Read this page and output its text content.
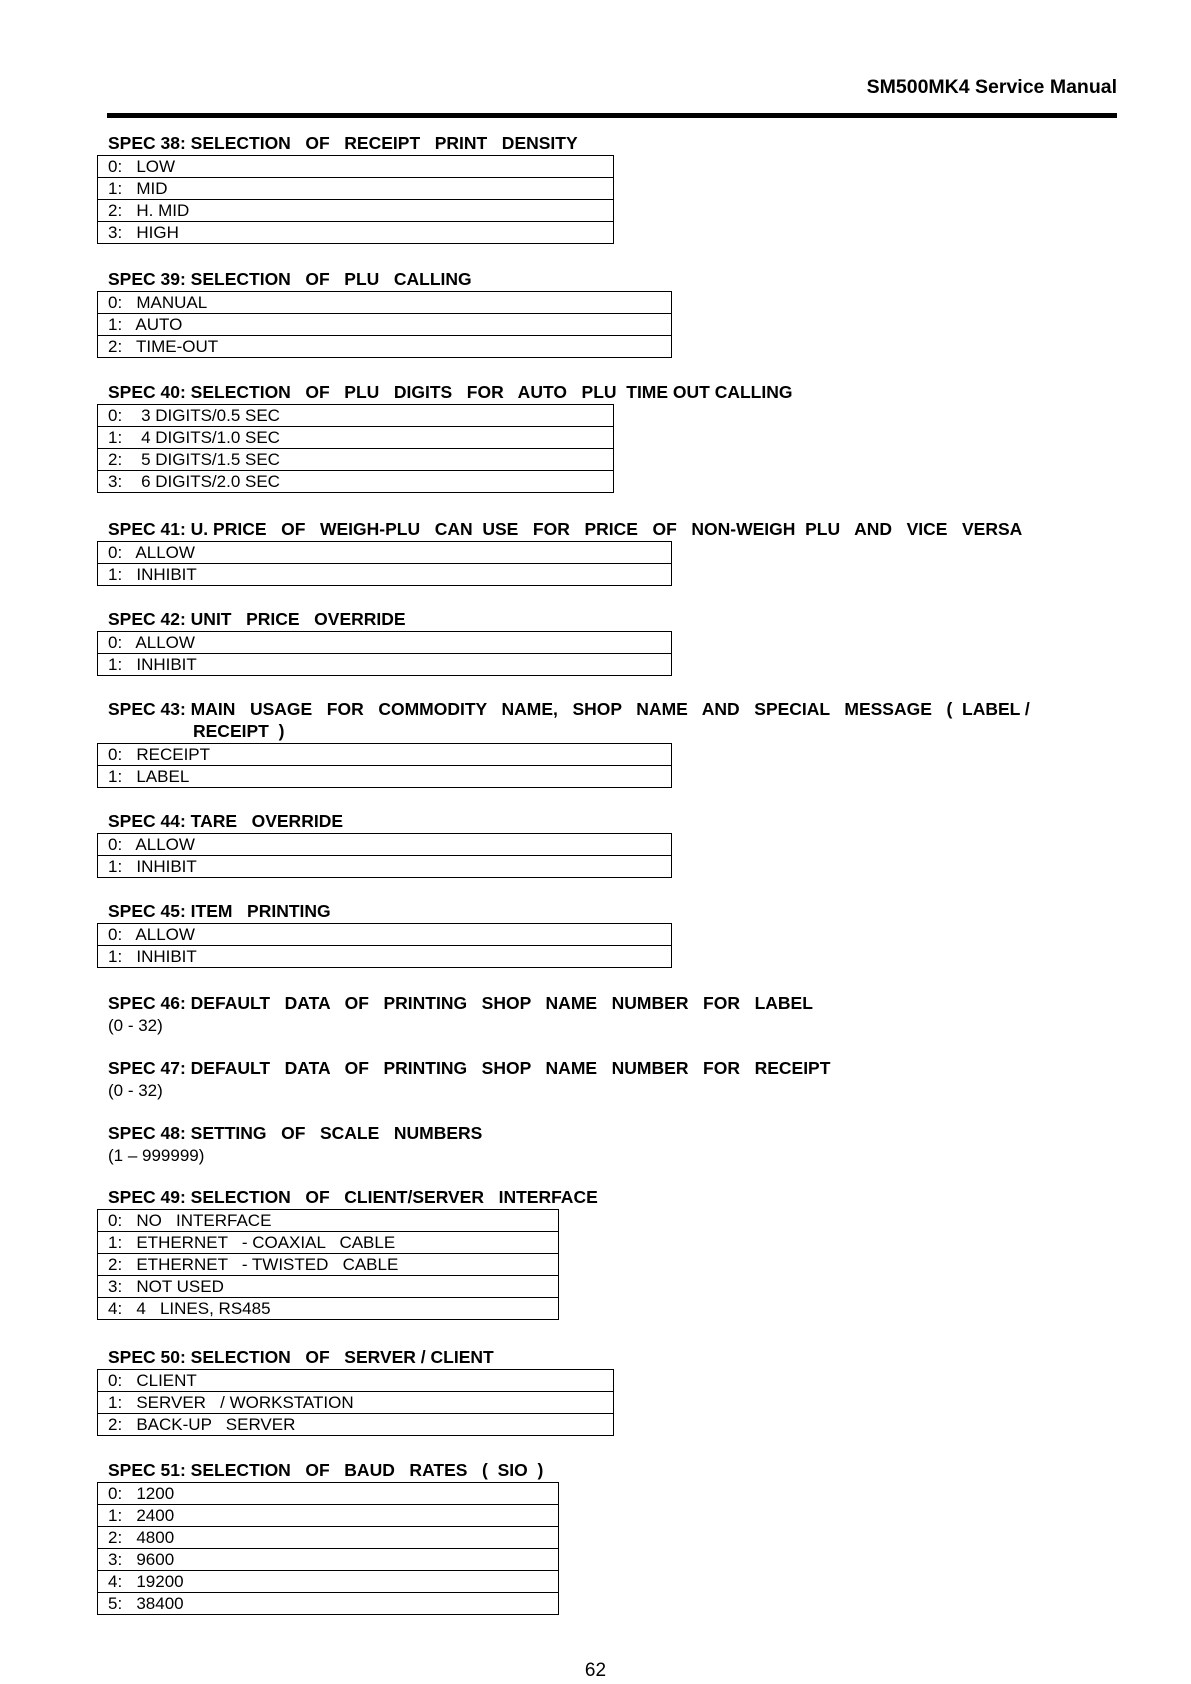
SM500MK4 Service Manual
SPEC 38: SELECTION   OF   RECEIPT   PRINT   DENSITY
0:   LOW
1:   MID
2:   H. MID
3:   HIGH
SPEC 39: SELECTION   OF   PLU   CALLING
0:   MANUAL
1:   AUTO
2:   TIME-OUT
SPEC 40: SELECTION   OF   PLU   DIGITS   FOR   AUTO   PLU  TIME OUT CALLING
0:    3 DIGITS/0.5 SEC
1:    4 DIGITS/1.0 SEC
2:    5 DIGITS/1.5 SEC
3:    6 DIGITS/2.0 SEC
SPEC 41: U. PRICE   OF   WEIGH-PLU   CAN  USE   FOR   PRICE   OF   NON-WEIGH  PLU   AND   VICE   VERSA
0:   ALLOW
1:   INHIBIT
SPEC 42: UNIT   PRICE   OVERRIDE
0:   ALLOW
1:   INHIBIT
SPEC 43: MAIN   USAGE   FOR   COMMODITY   NAME,   SHOP   NAME   AND   SPECIAL   MESSAGE   (  LABEL /
RECEIPT  )
0:   RECEIPT
1:   LABEL
SPEC 44: TARE   OVERRIDE
0:   ALLOW
1:   INHIBIT
SPEC 45: ITEM   PRINTING
0:   ALLOW
1:   INHIBIT
SPEC 46: DEFAULT   DATA   OF   PRINTING   SHOP   NAME   NUMBER   FOR   LABEL
(0 - 32)
SPEC 47: DEFAULT   DATA   OF   PRINTING   SHOP   NAME   NUMBER   FOR   RECEIPT
(0 - 32)
SPEC 48: SETTING   OF   SCALE   NUMBERS
(1 – 999999)
SPEC 49: SELECTION   OF   CLIENT/SERVER   INTERFACE
0:   NO   INTERFACE
1:   ETHERNET   - COAXIAL   CABLE
2:   ETHERNET   - TWISTED   CABLE
3:   NOT USED
4:   4   LINES, RS485
SPEC 50: SELECTION   OF   SERVER / CLIENT
0:   CLIENT
1:   SERVER   / WORKSTATION
2:   BACK-UP   SERVER
SPEC 51: SELECTION   OF   BAUD   RATES   (  SIO  )
0:   1200
1:   2400
2:   4800
3:   9600
4:   19200
5:   38400
62
